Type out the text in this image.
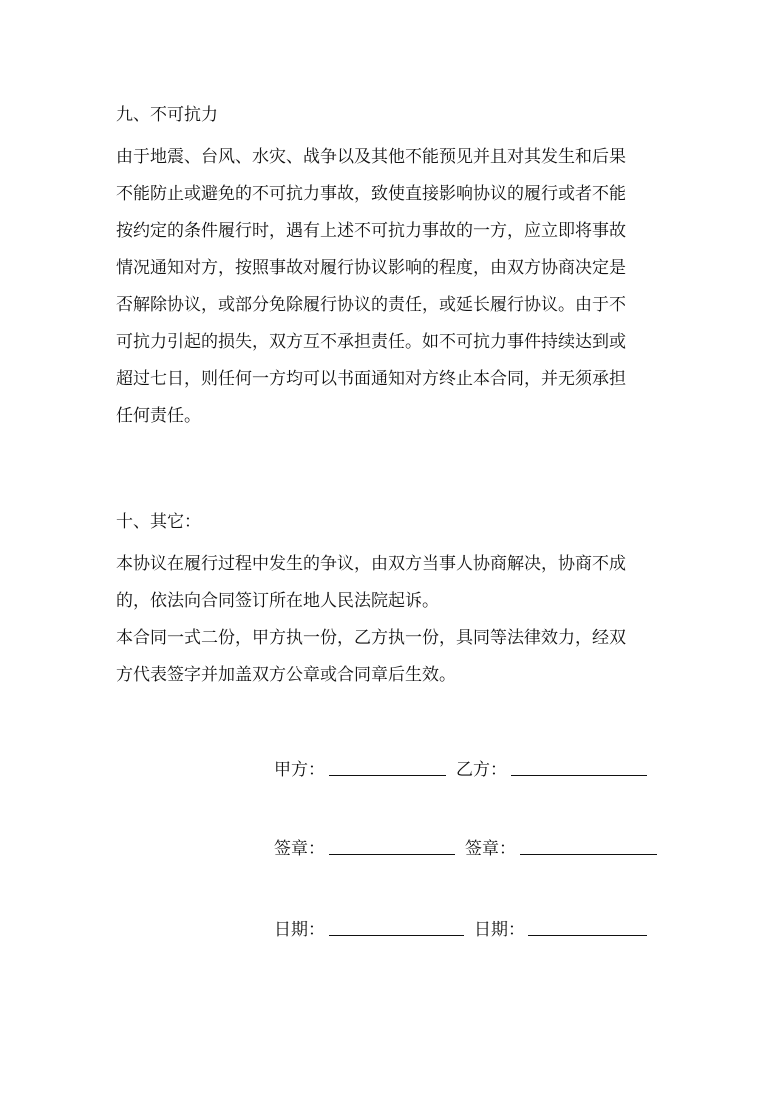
九、不可抗力
由于地震、台风、水灾、战争以及其他不能预见并且对其发生和后果
不能防止或避免的不可抗力事故，致使直接影响协议的履行或者不能
按约定的条件履行时，遇有上述不可抗力事故的一方，应立即将事故
情况通知对方，按照事故对履行协议影响的程度，由双方协商决定是
否解除协议，或部分免除履行协议的责任，或延长履行协议。由于不
可抗力引起的损失，双方互不承担责任。如不可抗力事件持续达到或
超过七日，则任何一方均可以书面通知对方终止本合同，并无须承担
任何责任。
十、其它：
本协议在履行过程中发生的争议，由双方当事人协商解决，协商不成
的，依法向合同签订所在地人民法院起诉。
本合同一式二份，甲方执一份，乙方执一份，具同等法律效力，经双
方代表签字并加盖双方公章或合同章后生效。
甲方：	乙方：
签章：	签章：
日期：	日期：
